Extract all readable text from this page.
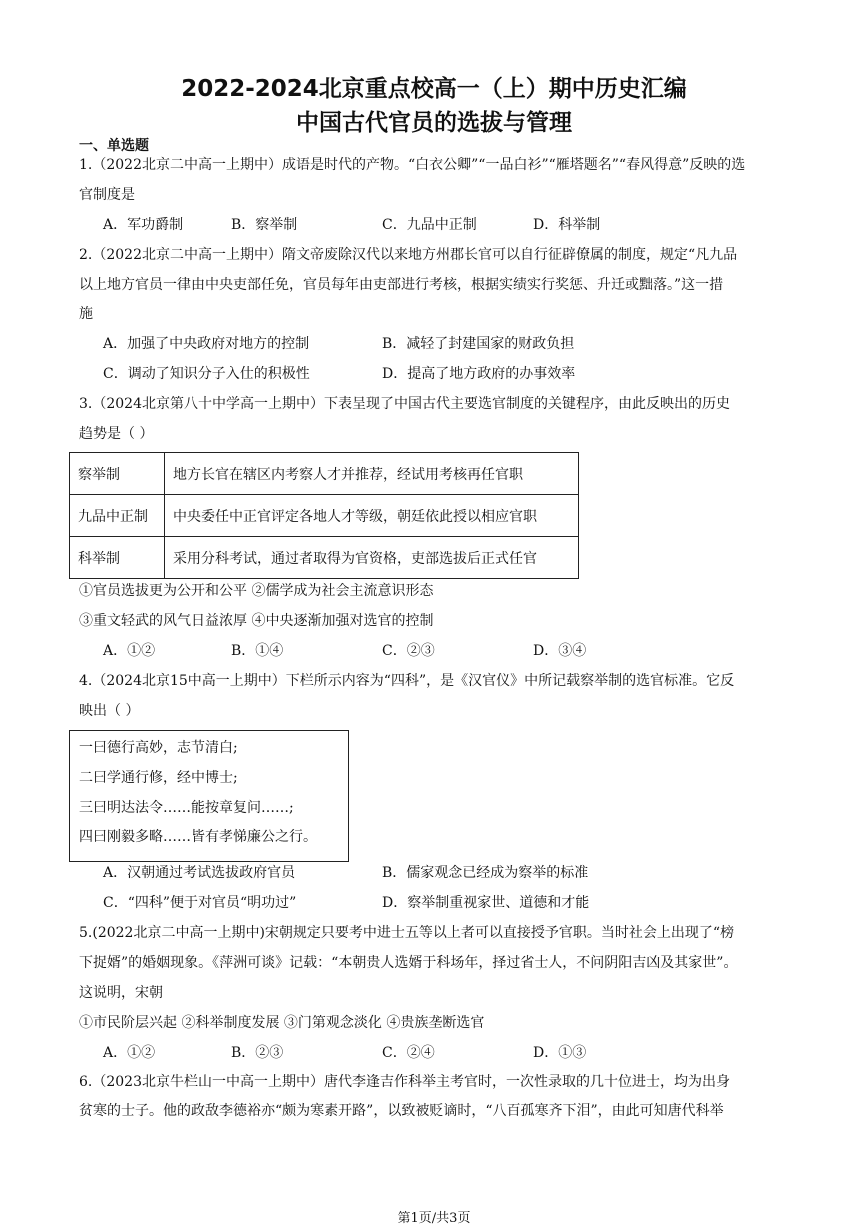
2022-2024北京重点校高一（上）期中历史汇编
中国古代官员的选拔与管理
一、单选题
1.（2022北京二中高一上期中）成语是时代的产物。“白衣公卿”“一品白衫”“雁塔题名”“春风得意”反映的选
官制度是
A．军功爵制	B．察举制	C．九品中正制	D．科举制
2.（2022北京二中高一上期中）隋文帝废除汉代以来地方州郡长官可以自行征辟僚属的制度，规定“凡九品
以上地方官员一律由中央吏部任免，官员每年由吏部进行考核，根据实绩实行奖惩、升迁或黜落。”这一措
施
A．加强了中央政府对地方的控制	B．减轻了封建国家的财政负担
C．调动了知识分子入仕的积极性	D．提高了地方政府的办事效率
3.（2024北京第八十中学高一上期中）下表呈现了中国古代主要选官制度的关键程序，由此反映出的历史
趋势是（ ）
察举制	地方长官在辖区内考察人才并推荐，经试用考核再任官职
九品中正制	中央委任中正官评定各地人才等级，朝廷依此授以相应官职
科举制	采用分科考试，通过者取得为官资格，吏部选拔后正式任官
①官员选拔更为公开和公平 ②儒学成为社会主流意识形态
③重文轻武的风气日益浓厚 ④中央逐渐加强对选官的控制
A．①②	B．①④	C．②③	D．③④
4.（2024北京15中高一上期中）下栏所示内容为“四科”，是《汉官仪》中所记载察举制的选官标准。它反
映出（ ）
一曰德行高妙，志节清白;
二曰学通行修，经中博士;
三曰明达法令……能按章复问……;
四曰刚毅多略……皆有孝悌廉公之行。
A．汉朝通过考试选拔政府官员	B．儒家观念已经成为察举的标准
C．“四科”便于对官员“明功过”	D．察举制重视家世、道德和才能
5.(2022北京二中高一上期中)宋朝规定只要考中进士五等以上者可以直接授予官职。当时社会上出现了“榜
下捉婿”的婚姻现象。《萍洲可谈》记载：“本朝贵人选婿于科场年，择过省士人，不问阴阳吉凶及其家世”。
这说明，宋朝
①市民阶层兴起 ②科举制度发展 ③门第观念淡化 ④贵族垄断选官
A．①②	B．②③	C．②④	D．①③
6.（2023北京牛栏山一中高一上期中）唐代李逢吉作科举主考官时，一次性录取的几十位进士，均为出身
贫寒的士子。他的政敌李德裕亦“颇为寒素开路”，以致被贬谪时，“八百孤寒齐下泪”，由此可知唐代科举
第1页/共3页
